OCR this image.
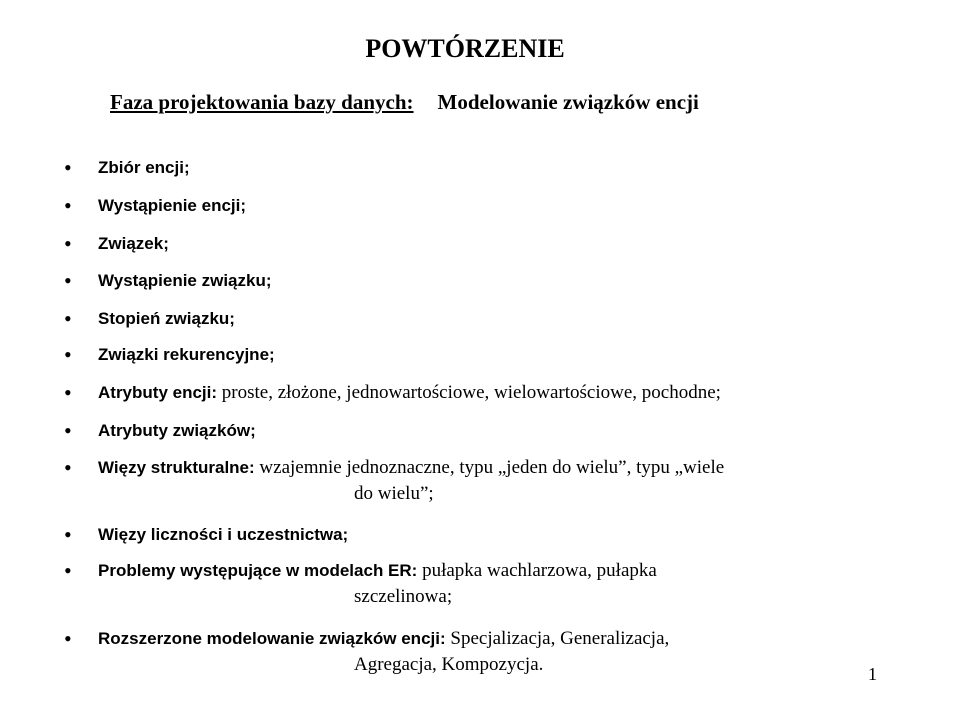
POWTÓRZENIE
Faza projektowania bazy danych: Modelowanie związków encji
• Zbiór encji;
• Wystąpienie encji;
• Związek;
• Wystąpienie związku;
• Stopień związku;
• Związki rekurencyjne;
• Atrybuty encji: proste, złożone, jednowartościowe, wielowartościowe, pochodne;
• Atrybuty związków;
• Więzy strukturalne: wzajemnie jednoznaczne, typu „jeden do wielu”, typu „wiele
do wielu”;
• Więzy liczności i uczestnictwa;
• Problemy występujące w modelach ER: pułapka wachlarzowa, pułapka
szczelinowa;
• Rozszerzone modelowanie związków encji: Specjalizacja, Generalizacja,
Agregacja, Kompozycja.	1
